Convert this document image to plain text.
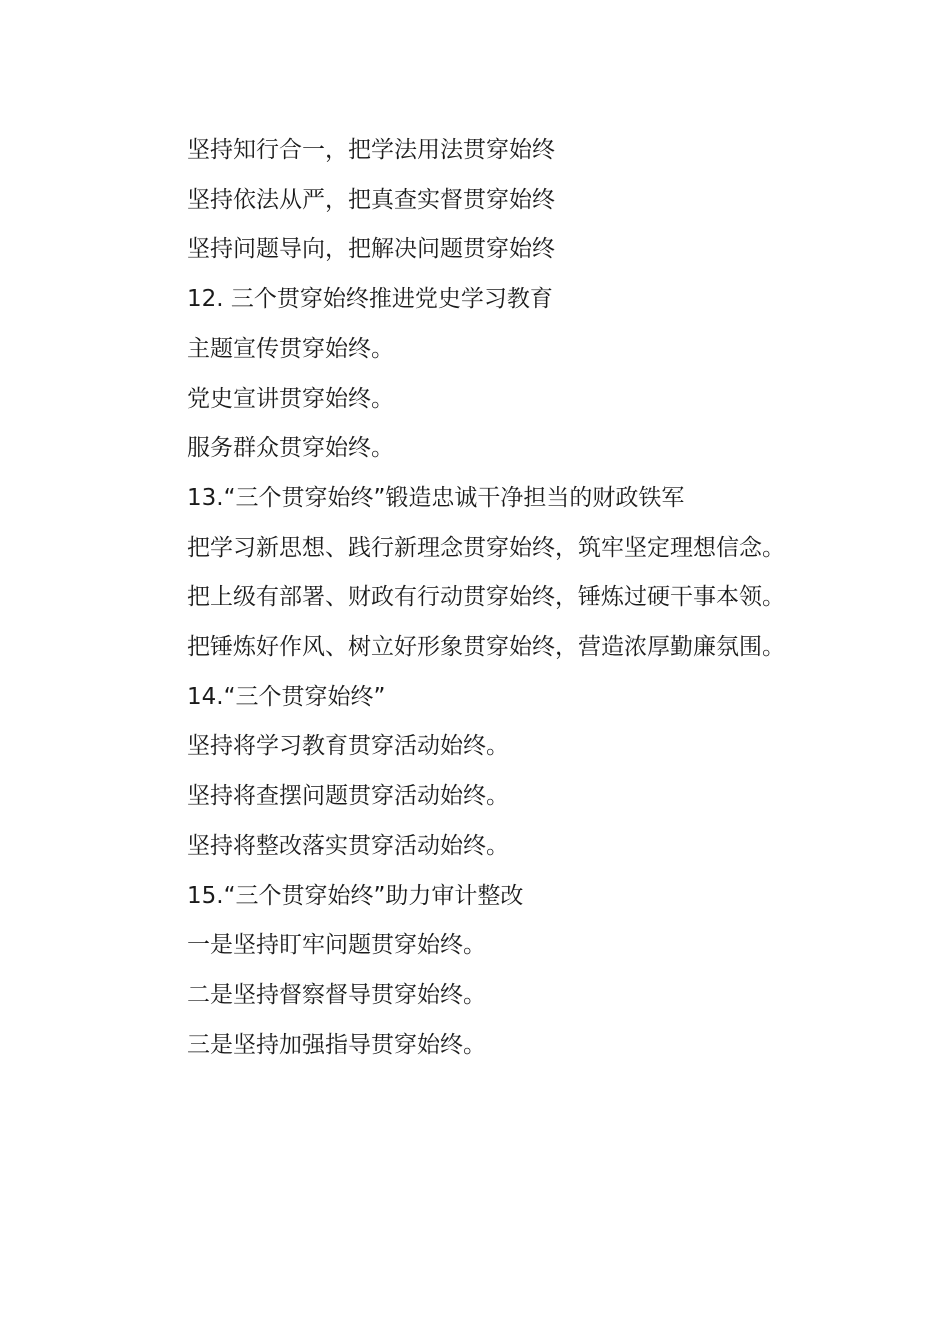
坚持知行合一，把学法用法贯穿始终

坚持依法从严，把真查实督贯穿始终

坚持问题导向，把解决问题贯穿始终

12. 三个贯穿始终推进党史学习教育

主题宣传贯穿始终。

党史宣讲贯穿始终。

服务群众贯穿始终。

13.“三个贯穿始终”锻造忠诚干净担当的财政铁军

把学习新思想、践行新理念贯穿始终，筑牢坚定理想信念。

把上级有部署、财政有行动贯穿始终，锤炼过硬干事本领。

把锤炼好作风、树立好形象贯穿始终，营造浓厚勤廉氛围。

14.“三个贯穿始终”

坚持将学习教育贯穿活动始终。

坚持将查摆问题贯穿活动始终。

坚持将整改落实贯穿活动始终。

15.“三个贯穿始终”助力审计整改

一是坚持盯牢问题贯穿始终。

二是坚持督察督导贯穿始终。

三是坚持加强指导贯穿始终。
